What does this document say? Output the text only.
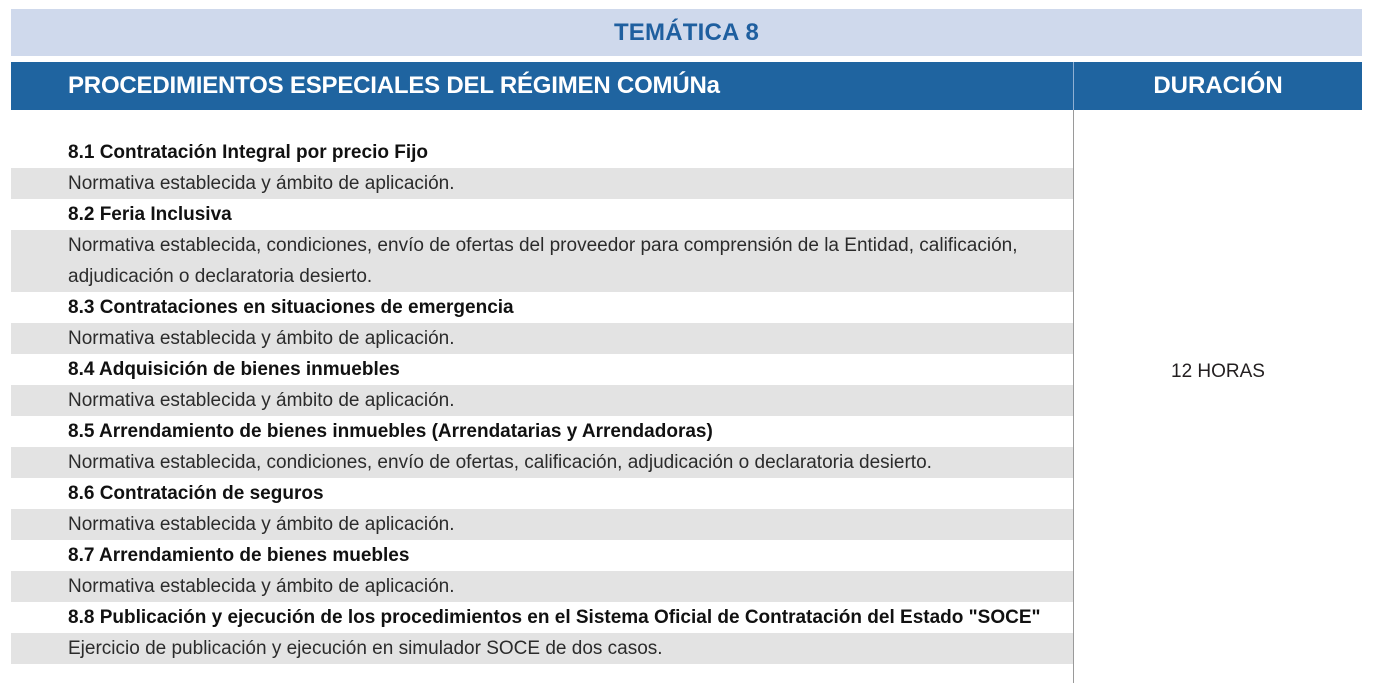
TEMÁTICA 8
PROCEDIMIENTOS ESPECIALES DEL RÉGIMEN COMÚNa	DURACIÓN
8.1 Contratación Integral por precio Fijo
Normativa establecida y ámbito de aplicación.
8.2 Feria Inclusiva
Normativa establecida, condiciones, envío de ofertas del proveedor para comprensión de la Entidad, calificación,
adjudicación o declaratoria desierto.
8.3 Contrataciones en situaciones de emergencia
Normativa establecida y ámbito de aplicación.
8.4 Adquisición de bienes inmuebles
Normativa establecida y ámbito de aplicación.
8.5 Arrendamiento de bienes inmuebles (Arrendatarias y Arrendadoras)
Normativa establecida, condiciones, envío de ofertas, calificación, adjudicación o declaratoria desierto.
8.6 Contratación de seguros
Normativa establecida y ámbito de aplicación.
8.7 Arrendamiento de bienes muebles
Normativa establecida y ámbito de aplicación.
8.8 Publicación y ejecución de los procedimientos en el Sistema Oficial de Contratación del Estado "SOCE"
Ejercicio de publicación y ejecución en simulador SOCE de dos casos.
12 HORAS
